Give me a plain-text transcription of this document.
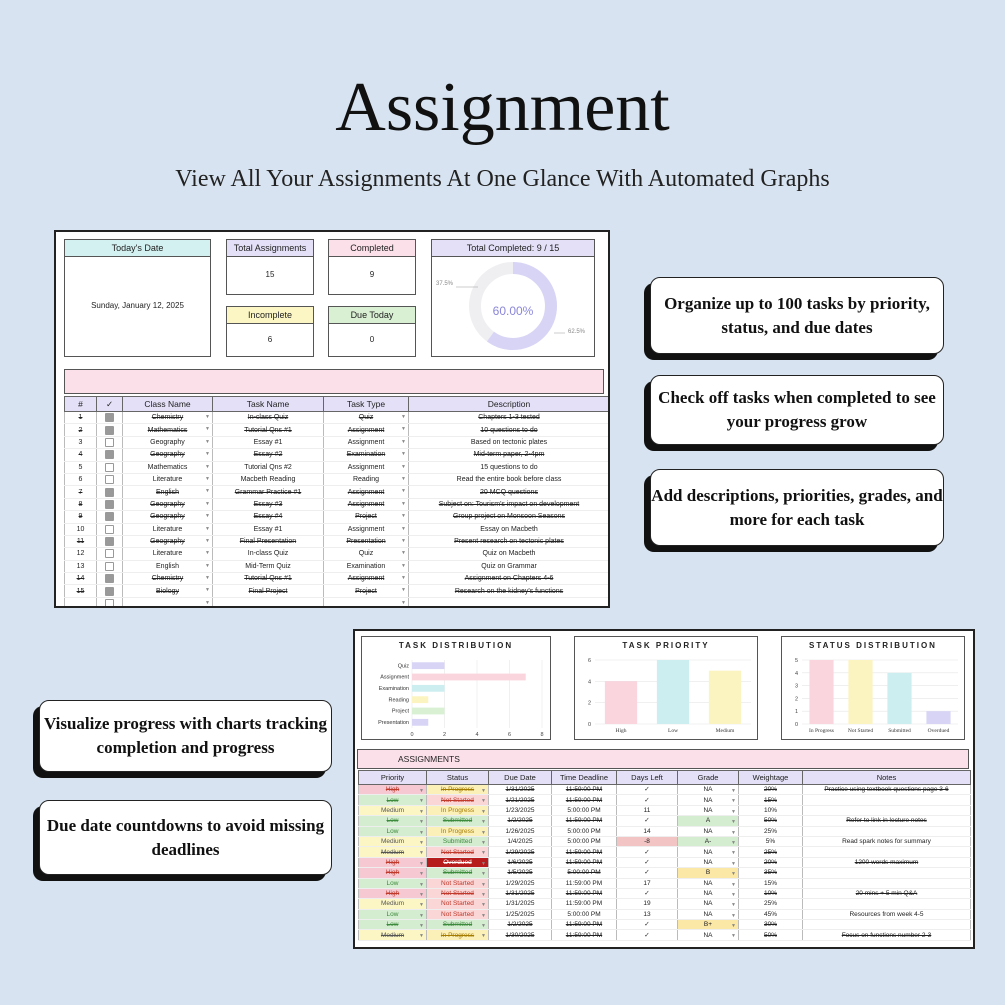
Assignment
View All Your Assignments At One Glance With Automated Graphs
Today's Date
Sunday, January 12, 2025
Total Assignments
15
Completed
9
Incomplete
6
Due Today
0
Total Completed: 9 / 15
60.00%
37.5%
62.5%
#	✓	Class Name	Task Name	Task Type	Description
1		Chemistry ▼	In-class Quiz	Quiz ▼	Chapters 1-3 tested
2		Mathematics ▼	Tutorial Qns #1	Assignment ▼	10 questions to do
3		Geography ▼	Essay #1	Assignment ▼	Based on tectonic plates
4		Geography ▼	Essay #2	Examination ▼	Mid-term paper, 2-4pm
5		Mathematics ▼	Tutorial Qns #2	Assignment ▼	15 questions to do
6		Literature ▼	Macbeth Reading	Reading ▼	Read the entire book before class
7		English ▼	Grammar Practice #1	Assignment ▼	20 MCQ questions
8		Geography ▼	Essay #3	Assignment ▼	Subject on: Tourism's impact on development
9		Geography ▼	Essay #4	Project ▼	Group project on Monsoon Seasons
10		Literature ▼	Essay #1	Assignment ▼	Essay on Macbeth
11		Geography ▼	Final Presentation	Presentation ▼	Present research on tectonic plates
12		Literature ▼	In-class Quiz	Quiz ▼	Quiz on Macbeth
13		English ▼	Mid-Term Quiz	Examination ▼	Quiz on Grammar
14		Chemistry ▼	Tutorial Qns #1	Assignment ▼	Assignment on Chapters 4-6
15		Biology ▼	Final Project	Project ▼	Research on the kidney's functions

		▼		▼	

Organize up to 100 tasks by priority, status, and due dates
Check off tasks when completed to see your progress grow
Add descriptions, priorities, grades, and more for each task
Visualize progress with charts tracking completion and progress
Due date countdowns to avoid missing deadlines
TASK DISTRIBUTION
0	2	4	6	8
Quiz
Assignment
Examination
Reading
Project
Presentation
TASK PRIORITY
0
2
4
6
High	Low	Medium
STATUS DISTRIBUTION
0
1
2
3
4
5
In Progress	Not Started	Submitted	Overdued
ASSIGNMENTS
Priority	Status	Due Date	Time Deadline	Days Left	Grade	Weightage	Notes
High ▼	In Progress ▼	1/31/2025	11:59:00 PM	✓	NA ▼	20%	Practice using textbook questions page 3-6
Low ▼	Not Started ▼	1/21/2025	11:59:00 PM	✓	NA ▼	15%	
Medium ▼	In Progress ▼	1/23/2025	5:00:00 PM	11	NA ▼	10%	
Low ▼	Submitted ▼	1/2/2025	11:59:00 PM	✓	A ▼	50%	Refer to link in lecture notes
Low ▼	In Progress ▼	1/26/2025	5:00:00 PM	14	NA ▼	25%	
Medium ▼	Submitted ▼	1/4/2025	5:00:00 PM	-8	A- ▼	5%	Read spark notes for summary
Medium ▼	Not Started ▼	1/29/2025	11:59:00 PM	✓	NA ▼	25%	
High ▼	Overdued ▼	1/6/2025	11:59:00 PM	✓	NA ▼	20%	1200 words maximum
High ▼	Submitted ▼	1/5/2025	5:00:00 PM	✓	B ▼	35%	
Low ▼	Not Started ▼	1/29/2025	11:59:00 PM	17	NA ▼	15%	
High ▼	Not Started ▼	1/31/2025	11:59:00 PM	✓	NA ▼	10%	20 mins + 5 min Q&A
Medium ▼	Not Started ▼	1/31/2025	11:59:00 PM	19	NA ▼	25%	
Low ▼	Not Started ▼	1/25/2025	5:00:00 PM	13	NA ▼	45%	Resources from week 4-5
Low ▼	Submitted ▼	1/2/2025	11:59:00 PM	✓	B+ ▼	30%	
Medium ▼	In Progress ▼	1/30/2025	11:59:00 PM	✓	NA ▼	50%	Focus on functions number 2-3
